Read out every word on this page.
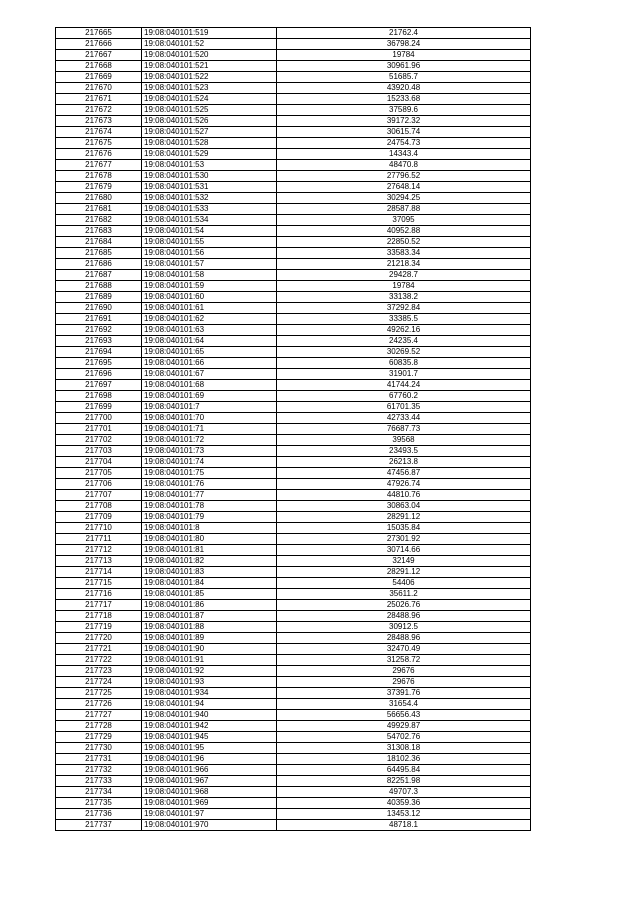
217665	19:08:040101:519	21762.4
217666	19:08:040101:52	36798.24
217667	19:08:040101:520	19784
217668	19:08:040101:521	30961.96
217669	19:08:040101:522	51685.7
217670	19:08:040101:523	43920.48
217671	19:08:040101:524	15233.68
217672	19:08:040101:525	37589.6
217673	19:08:040101:526	39172.32
217674	19:08:040101:527	30615.74
217675	19:08:040101:528	24754.73
217676	19:08:040101:529	14343.4
217677	19:08:040101:53	48470.8
217678	19:08:040101:530	27796.52
217679	19:08:040101:531	27648.14
217680	19:08:040101:532	30294.25
217681	19:08:040101:533	28587.88
217682	19:08:040101:534	37095
217683	19:08:040101:54	40952.88
217684	19:08:040101:55	22850.52
217685	19:08:040101:56	33583.34
217686	19:08:040101:57	21218.34
217687	19:08:040101:58	29428.7
217688	19:08:040101:59	19784
217689	19:08:040101:60	33138.2
217690	19:08:040101:61	37292.84
217691	19:08:040101:62	33385.5
217692	19:08:040101:63	49262.16
217693	19:08:040101:64	24235.4
217694	19:08:040101:65	30269.52
217695	19:08:040101:66	60835.8
217696	19:08:040101:67	31901.7
217697	19:08:040101:68	41744.24
217698	19:08:040101:69	67760.2
217699	19:08:040101:7	61701.35
217700	19:08:040101:70	42733.44
217701	19:08:040101:71	76687.73
217702	19:08:040101:72	39568
217703	19:08:040101:73	23493.5
217704	19:08:040101:74	26213.8
217705	19:08:040101:75	47456.87
217706	19:08:040101:76	47926.74
217707	19:08:040101:77	44810.76
217708	19:08:040101:78	30863.04
217709	19:08:040101:79	28291.12
217710	19:08:040101:8	15035.84
217711	19:08:040101:80	27301.92
217712	19:08:040101:81	30714.66
217713	19:08:040101:82	32149
217714	19:08:040101:83	28291.12
217715	19:08:040101:84	54406
217716	19:08:040101:85	35611.2
217717	19:08:040101:86	25026.76
217718	19:08:040101:87	28488.96
217719	19:08:040101:88	30912.5
217720	19:08:040101:89	28488.96
217721	19:08:040101:90	32470.49
217722	19:08:040101:91	31258.72
217723	19:08:040101:92	29676
217724	19:08:040101:93	29676
217725	19:08:040101:934	37391.76
217726	19:08:040101:94	31654.4
217727	19:08:040101:940	56656.43
217728	19:08:040101:942	49929.87
217729	19:08:040101:945	54702.76
217730	19:08:040101:95	31308.18
217731	19:08:040101:96	18102.36
217732	19:08:040101:966	64495.84
217733	19:08:040101:967	82251.98
217734	19:08:040101:968	49707.3
217735	19:08:040101:969	40359.36
217736	19:08:040101:97	13453.12
217737	19:08:040101:970	48718.1
